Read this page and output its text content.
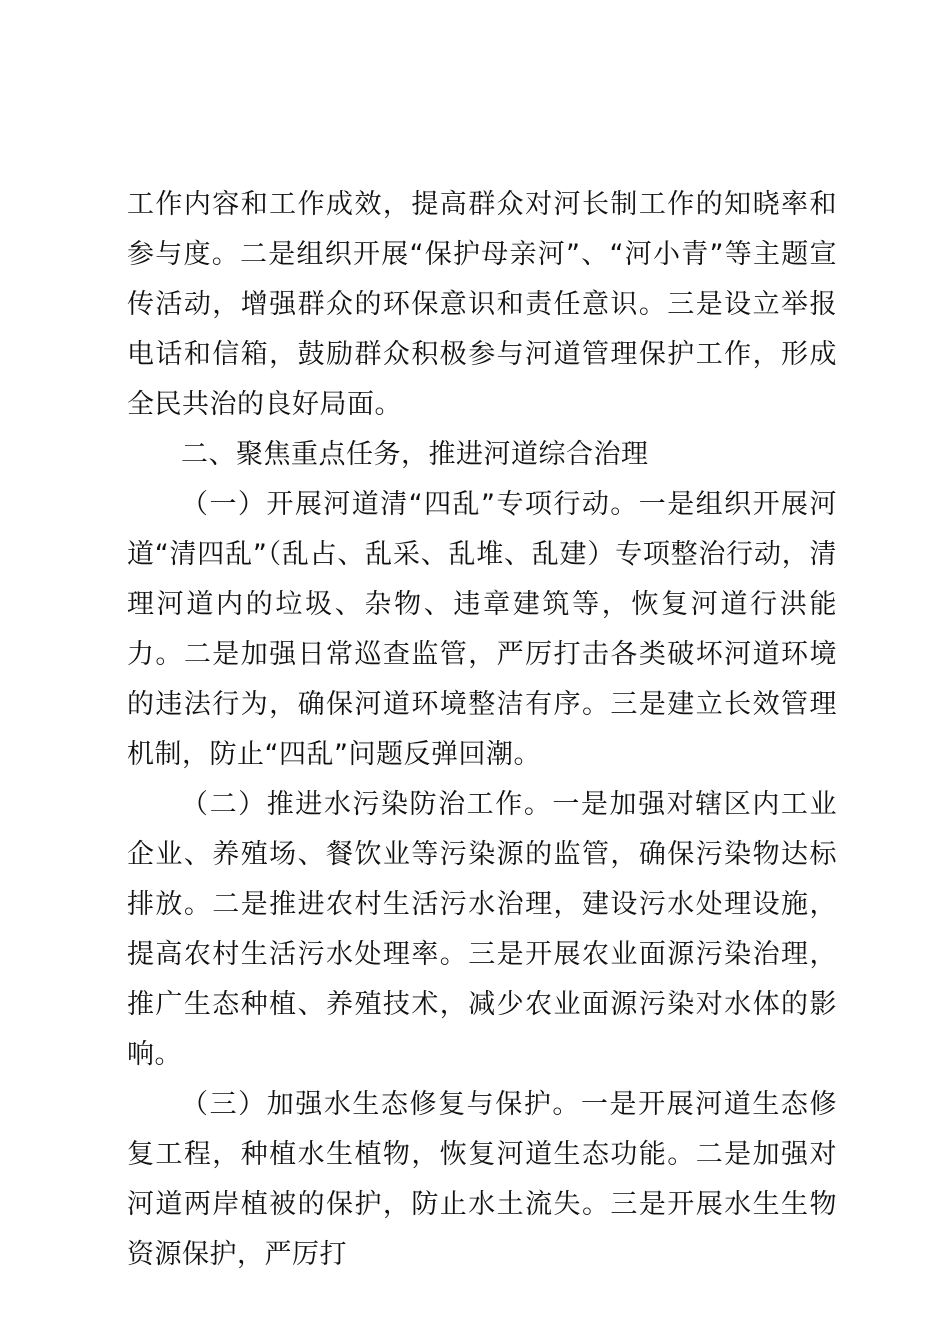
工作内容和工作成效，提高群众对河长制工作的知晓率和参与度。二是组织开展“保护母亲河”、“河小青”等主题宣传活动，增强群众的环保意识和责任意识。三是设立举报电话和信箱，鼓励群众积极参与河道管理保护工作，形成全民共治的良好局面。

二、聚焦重点任务，推进河道综合治理

（一）开展河道清“四乱”专项行动。一是组织开展河道“清四乱”（乱占、乱采、乱堆、乱建）专项整治行动，清理河道内的垃圾、杂物、违章建筑等，恢复河道行洪能力。二是加强日常巡查监管，严厉打击各类破坏河道环境的违法行为，确保河道环境整洁有序。三是建立长效管理机制，防止“四乱”问题反弹回潮。

（二）推进水污染防治工作。一是加强对辖区内工业企业、养殖场、餐饮业等污染源的监管，确保污染物达标排放。二是推进农村生活污水治理，建设污水处理设施，提高农村生活污水处理率。三是开展农业面源污染治理，推广生态种植、养殖技术，减少农业面源污染对水体的影响。

（三）加强水生态修复与保护。一是开展河道生态修复工程，种植水生植物，恢复河道生态功能。二是加强对河道两岸植被的保护，防止水土流失。三是开展水生生物资源保护，严厉打
